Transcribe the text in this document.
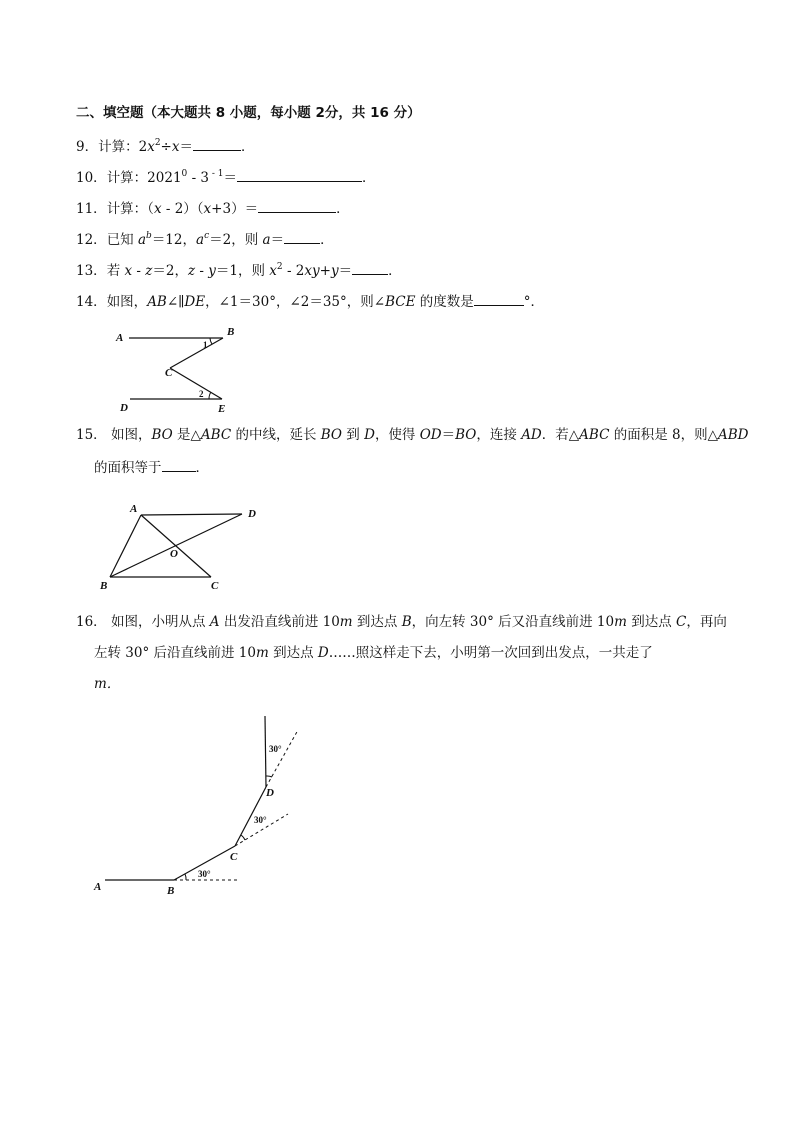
二、填空题（本大题共 8 小题，每小题 2分，共 16 分）
9．计算：$2x^2\div x=$	．
10．计算：2021$^0$ - 3 $^{- 1}$＝	．
11．计算：（x - 2）（x+3）＝	．
12．已知 $a^b=12$，$a^c=2$，则 a＝	．
13．若 x - z＝2，z - y＝1，则 $x^2 - 2xy+y=$	．
14．如图，AB∠∥DE，∠1＝30°，∠2＝35°，则∠BCE 的度数是	°．
A	B
C
D	E
1
2
15． 如图，BO 是△ABC 的中线，延长 BO 到 D，使得 OD＝BO，连接 AD．若△ABC 的面积是 8，则△ABD
的面积等于	．
A	D
O
B	C
16． 如图，小明从点 A 出发沿直线前进 10m 到达点 B，向左转 30° 后又沿直线前进 10m 到达点 C，再向
左转 30° 后沿直线前进 10m 到达点 D……照这样走下去，小明第一次回到出发点，一共走了
m．
A	B
C
D
30°
30°
30°
